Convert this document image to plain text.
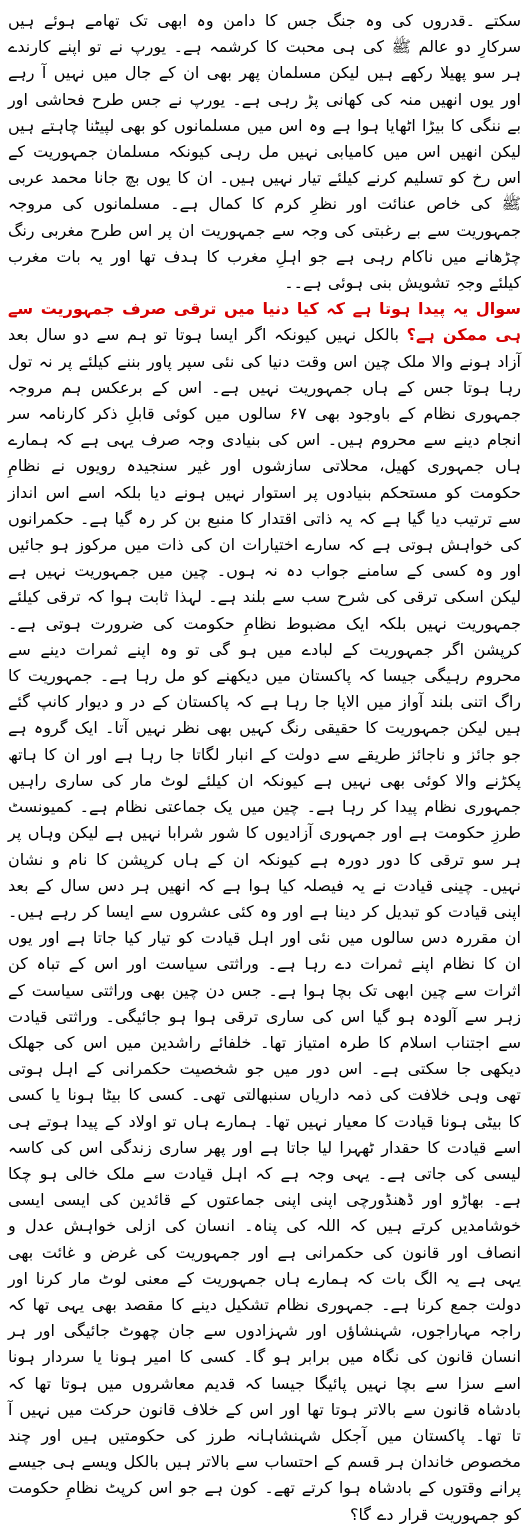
سکتے ۔قدروں کی وہ جنگ جس کا دامن وہ ابھی تک تھامے ہوئے ہیں سرکارِ دو عالم ﷺ کی ہی محبت کا کرشمہ ہے۔ یورپ نے تو اپنے کارندے ہر سو پھیلا رکھے ہیں لیکن مسلمان پھر بھی ان کے جال میں نہیں آ رہے اور یوں انھیں منہ کی کھانی پڑ رہی ہے۔ یورپ نے جس طرح فحاشی اور بے ننگی کا بیڑا اٹھایا ہوا ہے وہ اس میں مسلمانوں کو بھی لپیٹنا چاہتے ہیں لیکن انھیں اس میں کامیابی نہیں مل رہی کیونکہ مسلمان جمہوریت کے اس رخ کو تسلیم کرنے کیلئے تیار نہیں ہیں۔ ان کا یوں بچ جانا محمد عربی ﷺ کی خاص عنائت اور نظرِ کرم کا کمال ہے۔ مسلمانوں کی مروجہ جمہوریت سے بے رغبتی کی وجہ سے جمہوریت ان پر اس طرح مغربی رنگ چڑھانے میں ناکام رہی ہے جو اہلِ مغرب کا ہدف تھا اور یہ بات مغرب کیلئے وجہِ تشویش بنی ہوئی ہے۔۔

سوال یہ پیدا ہوتا ہے کہ کیا دنیا میں ترقی صرف جمہوریت سے ہی ممکن ہے؟ بالکل نہیں کیونکہ اگر ایسا ہوتا تو ہم سے دو سال بعد آزاد ہونے والا ملک چین اس وقت دنیا کی نئی سپر پاور بننے کیلئے پر نہ تول رہا ہوتا جس کے ہاں جمہوریت نہیں ہے۔ اس کے برعکس ہم مروجہ جمہوری نظام کے باوجود بھی ۶۷ سالوں میں کوئی قابلِ ذکر کارنامہ سر انجام دینے سے محروم ہیں۔ اس کی بنیادی وجہ صرف یہی ہے کہ ہمارے ہاں جمہوری کھیل، محلاتی سازشوں اور غیر سنجیدہ رویوں نے نظامِ حکومت کو مستحکم بنیادوں پر استوار نہیں ہونے دیا بلکہ اسے اس انداز سے ترتیب دیا گیا ہے کہ یہ ذاتی اقتدار کا منبع بن کر رہ گیا ہے۔ حکمرانوں کی خواہش ہوتی ہے کہ سارے اختیارات ان کی ذات میں مرکوز ہو جائیں اور وہ کسی کے سامنے جواب دہ نہ ہوں۔ چین میں جمہوریت نہیں ہے لیکن اسکی ترقی کی شرح سب سے بلند ہے۔ لہذا ثابت ہوا کہ ترقی کیلئے جمہوریت نہیں بلکہ ایک مضبوط نظامِ حکومت کی ضرورت ہوتی ہے۔ کرپشن اگر جمہوریت کے لبادے میں ہو گی تو وہ اپنے ثمرات دینے سے محروم رہیگی جیسا کہ پاکستان میں دیکھنے کو مل رہا ہے۔ جمہوریت کا راگ اتنی بلند آواز میں الاپا جا رہا ہے کہ پاکستان کے در و دیوار کانپ گئے ہیں لیکن جمہوریت کا حقیقی رنگ کہیں بھی نظر نہیں آتا۔ ایک گروہ ہے جو جائز و ناجائز طریقے سے دولت کے انبار لگاتا جا رہا ہے اور ان کا ہاتھ پکڑنے والا کوئی بھی نہیں ہے کیونکہ ان کیلئے لوٹ مار کی ساری راہیں جمہوری نظام پیدا کر رہا ہے۔ چین میں یک جماعتی نظام ہے۔ کمیونسٹ طرزِ حکومت ہے اور جمہوری آزادیوں کا شور شرابا نہیں ہے لیکن وہاں پر ہر سو ترقی کا دور دورہ ہے کیونکہ ان کے ہاں کرپشن کا نام و نشان نہیں۔ چینی قیادت نے یہ فیصلہ کیا ہوا ہے کہ انھیں ہر دس سال کے بعد اپنی قیادت کو تبدیل کر دینا ہے اور وہ کئی عشروں سے ایسا کر رہے ہیں۔ ان مقررہ دس سالوں میں نئی اور اہل قیادت کو تیار کیا جاتا ہے اور یوں ان کا نظام اپنے ثمرات دے رہا ہے۔ وراثتی سیاست اور اس کے تباہ کن اثرات سے چین ابھی تک بچا ہوا ہے۔ جس دن چین بھی وراثتی سیاست کے زہر سے آلودہ ہو گیا اس کی ساری ترقی ہوا ہو جائیگی۔ وراثتی قیادت سے اجتناب اسلام کا طرہ امتیاز تھا۔ خلفائے راشدین میں اس کی جھلک دیکھی جا سکتی ہے۔ اس دور میں جو شخصیت حکمرانی کے اہل ہوتی تھی وہی خلافت کی ذمہ داریاں سنبھالتی تھی۔ کسی کا بیٹا ہونا یا کسی کا بیٹی ہونا قیادت کا معیار نہیں تھا۔ ہمارے ہاں تو اولاد کے پیدا ہوتے ہی اسے قیادت کا حقدار ٹھہرا لیا جاتا ہے اور پھر ساری زندگی اس کی کاسہ لیسی کی جاتی ہے۔ یہی وجہ ہے کہ اہل قیادت سے ملک خالی ہو چکا ہے۔ بھاڑو اور ڈھنڈورچی اپنی اپنی جماعتوں کے قائدین کی ایسی ایسی خوشامدیں کرتے ہیں کہ اللہ کی پناہ۔ انسان کی ازلی خواہش عدل و انصاف اور قانون کی حکمرانی ہے اور جمہوریت کی غرض و غائت بھی یہی ہے یہ الگ بات کہ ہمارے ہاں جمہوریت کے معنی لوٹ مار کرنا اور دولت جمع کرنا ہے۔ جمہوری نظام تشکیل دینے کا مقصد بھی یہی تھا کہ راجہ مہاراجوں، شہنشاؤں اور شہزادوں سے جان چھوٹ جائیگی اور ہر انسان قانون کی نگاہ میں برابر ہو گا۔ کسی کا امیر ہونا یا سردار ہونا اسے سزا سے بچا نہیں پائیگا جیسا کہ قدیم معاشروں میں ہوتا تھا کہ بادشاہ قانون سے بالاتر ہوتا تھا اور اس کے خلاف قانون حرکت میں نہیں آ تا تھا۔ پاکستان میں آجکل شہنشاہانہ طرز کی حکومتیں ہیں اور چند مخصوص خاندان ہر قسم کے احتساب سے بالاتر ہیں بالکل ویسے ہی جیسے پرانے وقتوں کے بادشاہ ہوا کرتے تھے۔ کون ہے جو اس کرپٹ نظامِ حکومت کو جمہوریت قرار دے گا؟
